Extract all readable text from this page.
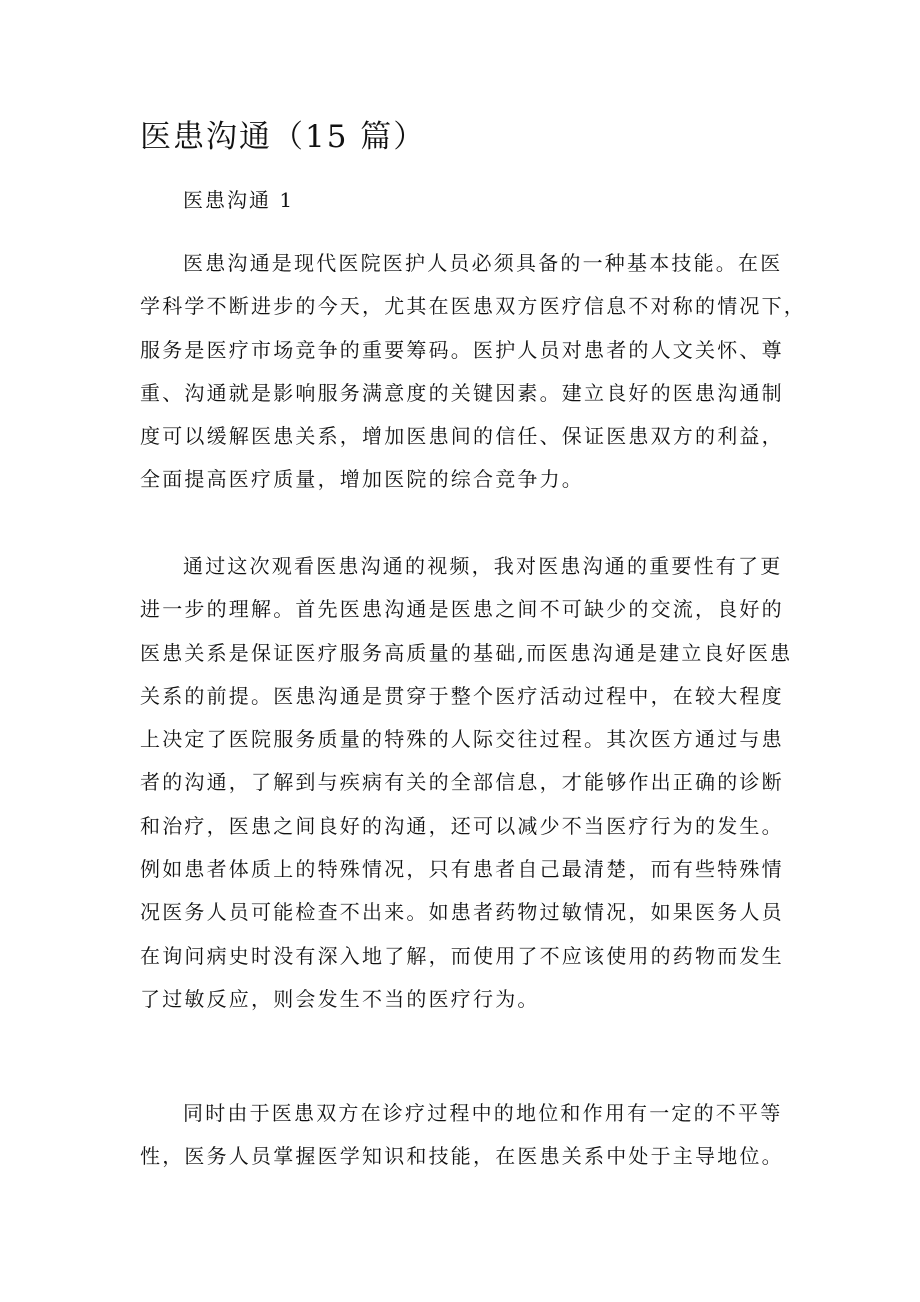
医患沟通（15 篇）
医患沟通 1

医患沟通是现代医院医护人员必须具备的一种基本技能。在医
学科学不断进步的今天，尤其在医患双方医疗信息不对称的情况下，
服务是医疗市场竞争的重要筹码。医护人员对患者的人文关怀、尊
重、沟通就是影响服务满意度的关键因素。建立良好的医患沟通制
度可以缓解医患关系，增加医患间的信任、保证医患双方的利益，
全面提高医疗质量，增加医院的综合竞争力。

通过这次观看医患沟通的视频，我对医患沟通的重要性有了更
进一步的理解。首先医患沟通是医患之间不可缺少的交流，良好的
医患关系是保证医疗服务高质量的基础,而医患沟通是建立良好医患
关系的前提。医患沟通是贯穿于整个医疗活动过程中，在较大程度
上决定了医院服务质量的特殊的人际交往过程。其次医方通过与患
者的沟通，了解到与疾病有关的全部信息，才能够作出正确的诊断
和治疗，医患之间良好的沟通，还可以减少不当医疗行为的发生。
例如患者体质上的特殊情况，只有患者自己最清楚，而有些特殊情
况医务人员可能检查不出来。如患者药物过敏情况，如果医务人员
在询问病史时没有深入地了解，而使用了不应该使用的药物而发生
了过敏反应，则会发生不当的医疗行为。

同时由于医患双方在诊疗过程中的地位和作用有一定的不平等
性，医务人员掌握医学知识和技能，在医患关系中处于主导地位。
